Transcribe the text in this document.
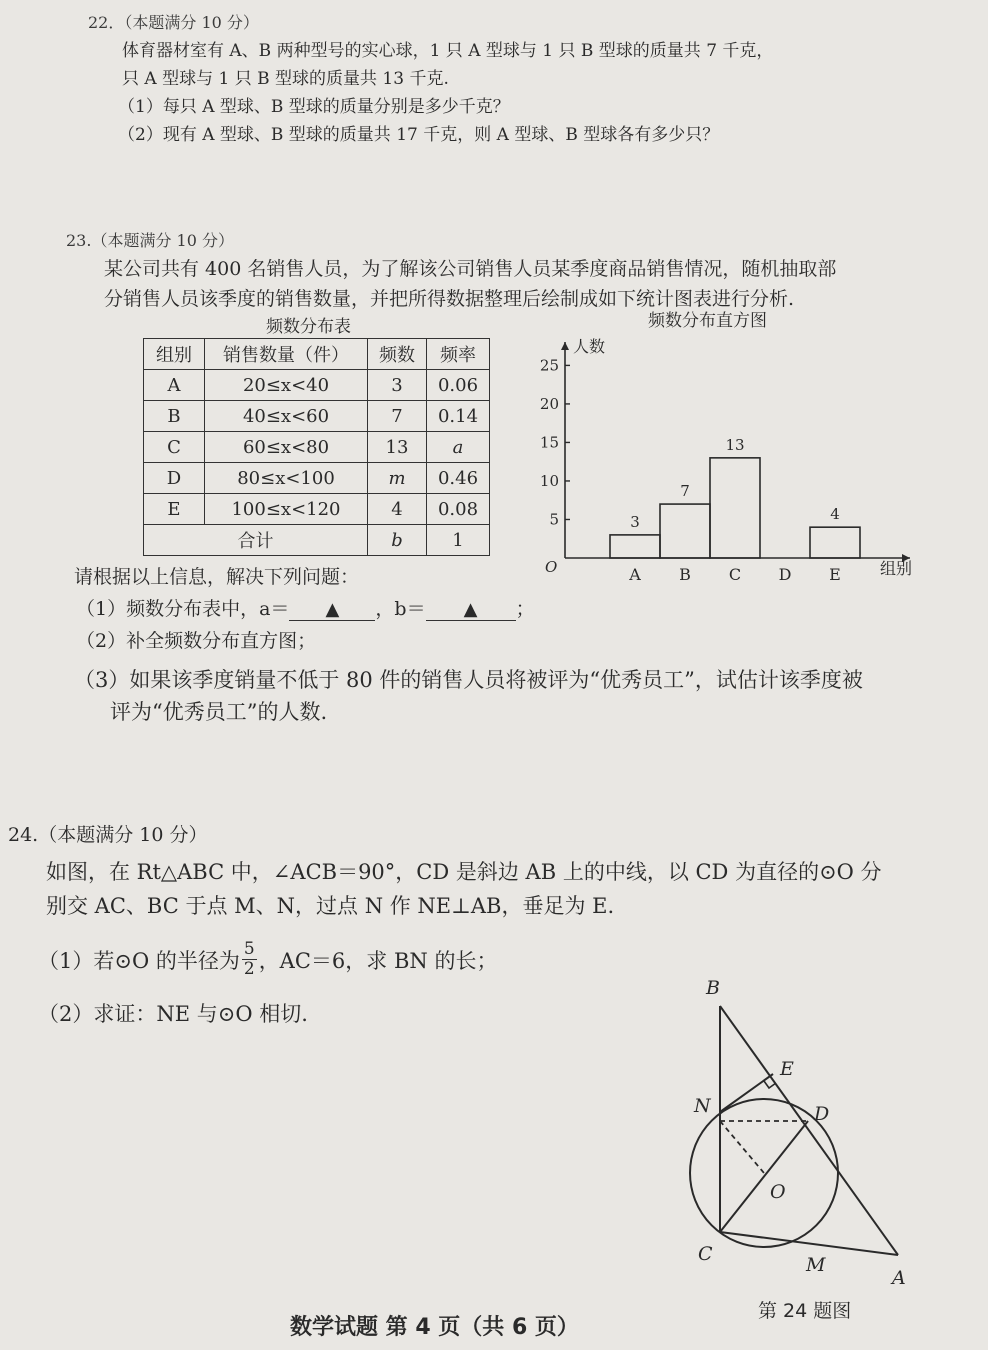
22．（本题满分 10 分）
体育器材室有 A、B 两种型号的实心球，1 只 A 型球与 1 只 B 型球的质量共 7 千克，
只 A 型球与 1 只 B 型球的质量共 13 千克.
（1）每只 A 型球、B 型球的质量分别是多少千克？
（2）现有 A 型球、B 型球的质量共 17 千克，则 A 型球、B 型球各有多少只？
23.（本题满分 10 分）
某公司共有 400 名销售人员，为了解该公司销售人员某季度商品销售情况，随机抽取部
分销售人员该季度的销售数量，并把所得数据整理后绘制成如下统计图表进行分析.
频数分布表	频数分布直方图
组别	销售数量（件）	频数	频率
A	20≤x<40	3	0.06
B	40≤x<60	7	0.14
C	60≤x<80	13	a
D	80≤x<100	m	0.46
E	100≤x<120	4	0.08
合计		b	1
人数
组别
O
5
10
15
20
25
A
3
B
7
C
13
D E
4
请根据以上信息，解决下列问题：
（1）频数分布表中，a＝ ▲ ，b＝ ▲ ；
（2）补全频数分布直方图；
（3）如果该季度销量不低于 80 件的销售人员将被评为“优秀员工”，试估计该季度被
评为“优秀员工”的人数.
24.（本题满分 10 分）
如图，在 Rt△ABC 中，∠ACB＝90°，CD 是斜边 AB 上的中线，以 CD 为直径的⊙O 分
别交 AC、BC 于点 M、N，过点 N 作 NE⊥AB，垂足为 E.
（1）若⊙O 的半径为 $\frac{5}{2}$ ，AC＝6，求 BN 的长；
（2）求证：NE 与⊙O 相切.
B
E
N	D
O
C	M
A
第 24 题图
数学试题 第 4 页（共 6 页）
